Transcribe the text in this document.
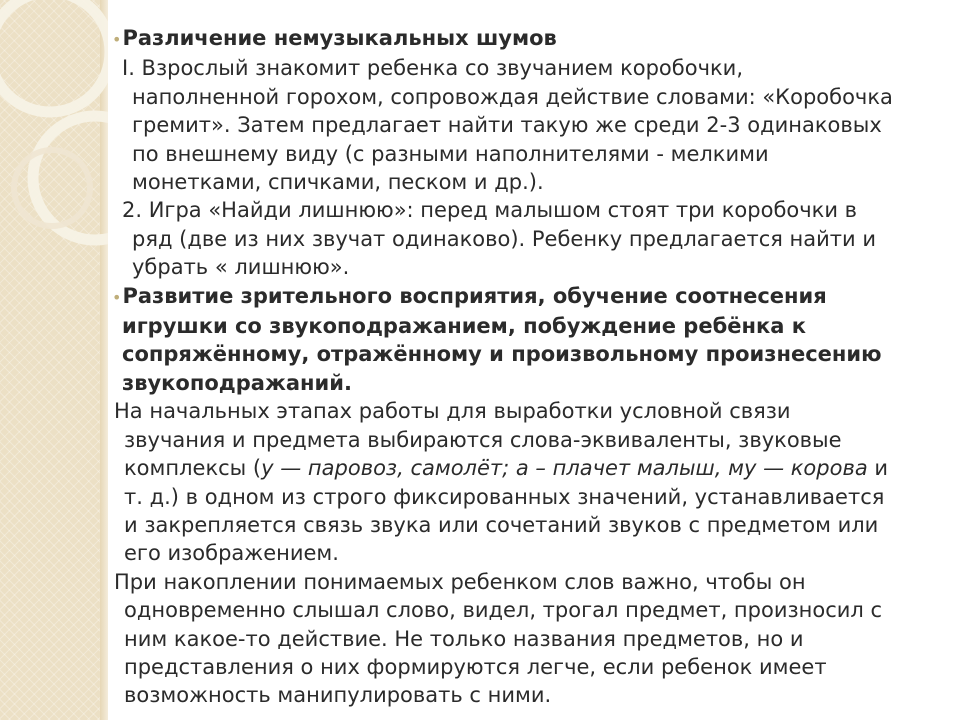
•Различение немузыкальных шумов

I. Взрослый знакомит ребенка со звучанием коробочки,
наполненной горохом, сопровождая действие словами: «Коробочка
гремит». Затем предлагает найти такую же среди 2-3 одинаковых
по внешнему виду (с разными наполнителями - мелкими
монетками, спичками, песком и др.).
2. Игра «Найди лишнюю»: перед малышом стоят три коробочки в
ряд (две из них звучат одинаково). Ребенку предлагается найти и
убрать « лишнюю».
•Развитие зрительного восприятия, обучение соотнесения
игрушки со звукоподражанием, побуждение ребёнка к
сопряжённому, отражённому и произвольному произнесению
звукоподражаний.
На начальных этапах работы для выработки условной связи
звучания и предмета выбираются слова-эквиваленты, звуковые
комплексы (у — паровоз, самолёт; а – плачет малыш, му — корова и
т. д.) в одном из строго фиксированных значений, устанавливается
и закрепляется связь звука или сочетаний звуков с предметом или
его изображением.
При накоплении понимаемых ребенком слов важно, чтобы он
одновременно слышал слово, видел, трогал предмет, произносил с
ним какое-то действие. Не только названия предметов, но и
представления о них формируются легче, если ребенок имеет
возможность манипулировать с ними.
